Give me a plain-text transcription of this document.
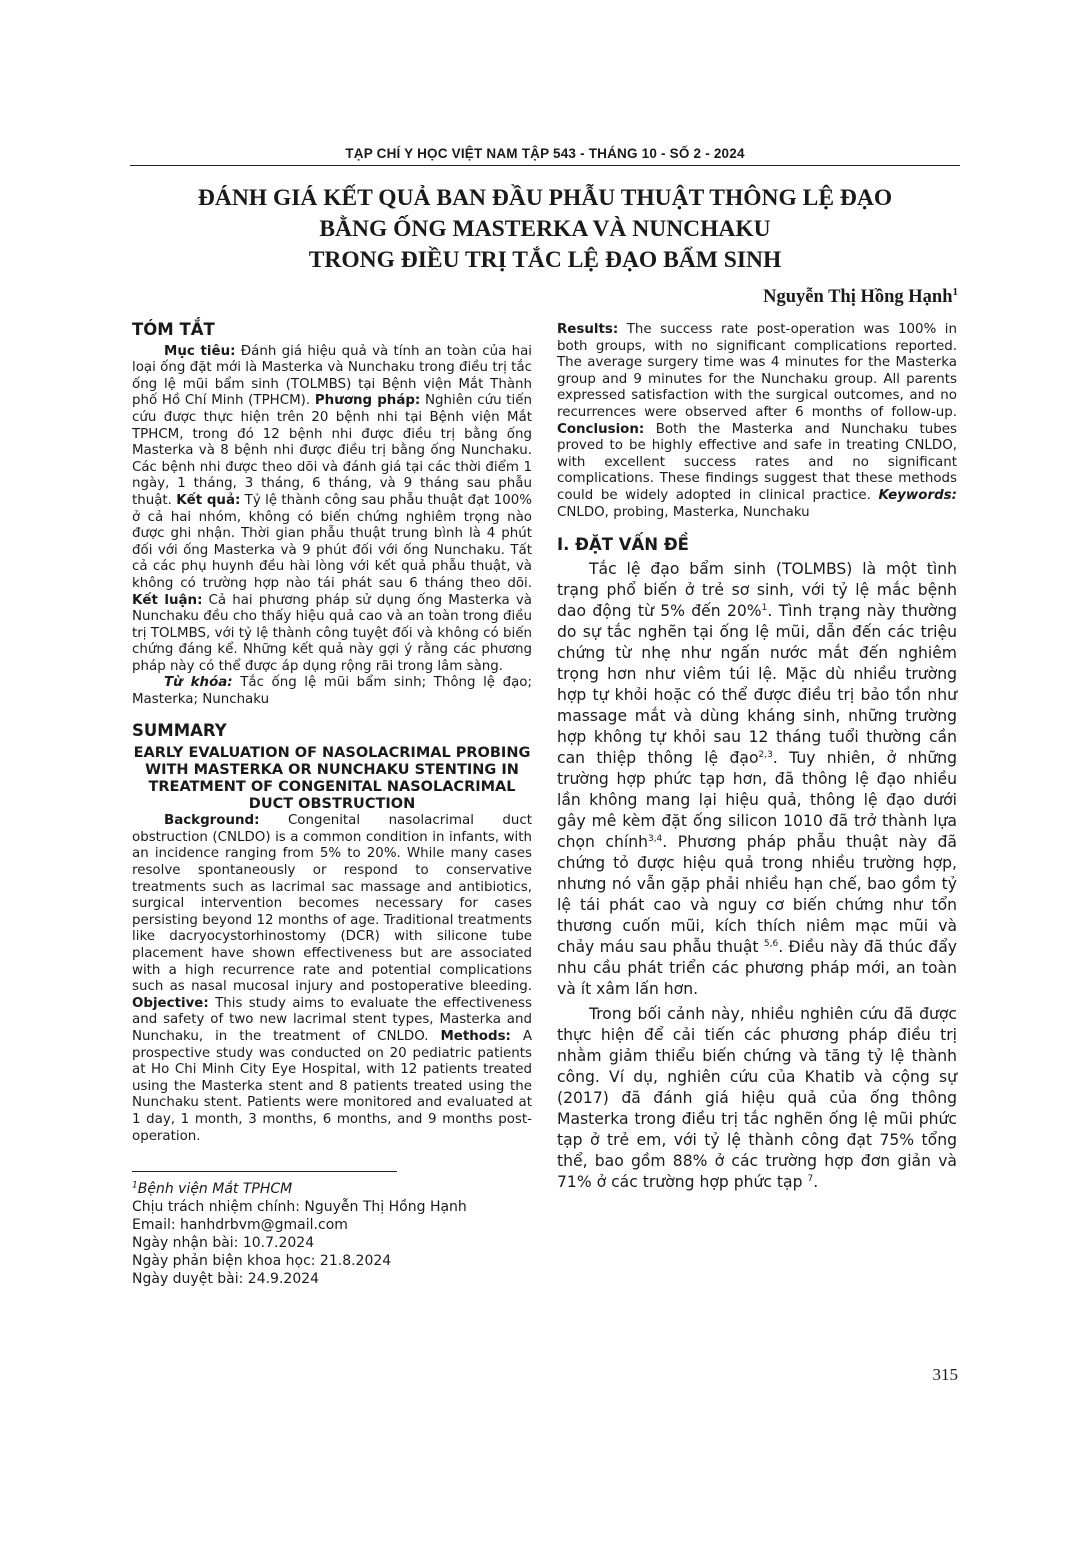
TẠP CHÍ Y HỌC VIỆT NAM TẬP 543 - THÁNG 10 - SỐ 2 - 2024
ĐÁNH GIÁ KẾT QUẢ BAN ĐẦU PHẪU THUẬT THÔNG LỆ ĐẠO
BẰNG ỐNG MASTERKA VÀ NUNCHAKU
TRONG ĐIỀU TRỊ TẮC LỆ ĐẠO BẨM SINH
Nguyễn Thị Hồng Hạnh$^1$
TÓM TẮT

Mục tiêu: Đánh giá hiệu quả và tính an toàn của hai loại ống đặt mới là Masterka và Nunchaku trong điều trị tắc ống lệ mũi bẩm sinh (TOLMBS) tại Bệnh viện Mắt Thành phố Hồ Chí Minh (TPHCM). Phương pháp: Nghiên cứu tiến cứu được thực hiện trên 20 bệnh nhi tại Bệnh viện Mắt TPHCM, trong đó 12 bệnh nhi được điều trị bằng ống Masterka và 8 bệnh nhi được điều trị bằng ống Nunchaku. Các bệnh nhi được theo dõi và đánh giá tại các thời điểm 1 ngày, 1 tháng, 3 tháng, 6 tháng, và 9 tháng sau phẫu thuật. Kết quả: Tỷ lệ thành công sau phẫu thuật đạt 100% ở cả hai nhóm, không có biến chứng nghiêm trọng nào được ghi nhận. Thời gian phẫu thuật trung bình là 4 phút đối với ống Masterka và 9 phút đối với ống Nunchaku. Tất cả các phụ huynh đều hài lòng với kết quả phẫu thuật, và không có trường hợp nào tái phát sau 6 tháng theo dõi. Kết luận: Cả hai phương pháp sử dụng ống Masterka và Nunchaku đều cho thấy hiệu quả cao và an toàn trong điều trị TOLMBS, với tỷ lệ thành công tuyệt đối và không có biến chứng đáng kể. Những kết quả này gợi ý rằng các phương pháp này có thể được áp dụng rộng rãi trong lâm sàng.

Từ khóa: Tắc ống lệ mũi bẩm sinh; Thông lệ đạo; Masterka; Nunchaku

SUMMARY
EARLY EVALUATION OF NASOLACRIMAL PROBING WITH MASTERKA OR NUNCHAKU STENTING IN TREATMENT OF CONGENITAL NASOLACRIMAL DUCT OBSTRUCTION

Background: Congenital nasolacrimal duct obstruction (CNLDO) is a common condition in infants, with an incidence ranging from 5% to 20%. While many cases resolve spontaneously or respond to conservative treatments such as lacrimal sac massage and antibiotics, surgical intervention becomes necessary for cases persisting beyond 12 months of age. Traditional treatments like dacryocystorhinostomy (DCR) with silicone tube placement have shown effectiveness but are associated with a high recurrence rate and potential complications such as nasal mucosal injury and postoperative bleeding. Objective: This study aims to evaluate the effectiveness and safety of two new lacrimal stent types, Masterka and Nunchaku, in the treatment of CNLDO. Methods: A prospective study was conducted on 20 pediatric patients at Ho Chi Minh City Eye Hospital, with 12 patients treated using the Masterka stent and 8 patients treated using the Nunchaku stent. Patients were monitored and evaluated at 1 day, 1 month, 3 months, 6 months, and 9 months post-operation.

$^1$Bệnh viện Mắt TPHCM

Chịu trách nhiệm chính: Nguyễn Thị Hồng Hạnh

Email: hanhdrbvm@gmail.com

Ngày nhận bài: 10.7.2024

Ngày phản biện khoa học: 21.8.2024

Ngày duyệt bài: 24.9.2024

Results: The success rate post-operation was 100% in both groups, with no significant complications reported. The average surgery time was 4 minutes for the Masterka group and 9 minutes for the Nunchaku group. All parents expressed satisfaction with the surgical outcomes, and no recurrences were observed after 6 months of follow-up. Conclusion: Both the Masterka and Nunchaku tubes proved to be highly effective and safe in treating CNLDO, with excellent success rates and no significant complications. These findings suggest that these methods could be widely adopted in clinical practice. Keywords: CNLDO, probing, Masterka, Nunchaku

I. ĐẶT VẤN ĐỀ

Tắc lệ đạo bẩm sinh (TOLMBS) là một tình trạng phổ biến ở trẻ sơ sinh, với tỷ lệ mắc bệnh dao động từ 5% đến 20%$^1$. Tình trạng này thường do sự tắc nghẽn tại ống lệ mũi, dẫn đến các triệu chứng từ nhẹ như ngấn nước mắt đến nghiêm trọng hơn như viêm túi lệ. Mặc dù nhiều trường hợp tự khỏi hoặc có thể được điều trị bảo tồn như massage mắt và dùng kháng sinh, những trường hợp không tự khỏi sau 12 tháng tuổi thường cần can thiệp thông lệ đạo$^{2,3}$. Tuy nhiên, ở những trường hợp phức tạp hơn, đã thông lệ đạo nhiều lần không mang lại hiệu quả, thông lệ đạo dưới gây mê kèm đặt ống silicon 1010 đã trở thành lựa chọn chính$^{3,4}$. Phương pháp phẫu thuật này đã chứng tỏ được hiệu quả trong nhiều trường hợp, nhưng nó vẫn gặp phải nhiều hạn chế, bao gồm tỷ lệ tái phát cao và nguy cơ biến chứng như tổn thương cuốn mũi, kích thích niêm mạc mũi và chảy máu sau phẫu thuật $^{5,6}$. Điều này đã thúc đẩy nhu cầu phát triển các phương pháp mới, an toàn và ít xâm lấn hơn.

Trong bối cảnh này, nhiều nghiên cứu đã được thực hiện để cải tiến các phương pháp điều trị nhằm giảm thiểu biến chứng và tăng tỷ lệ thành công. Ví dụ, nghiên cứu của Khatib và cộng sự (2017) đã đánh giá hiệu quả của ống thông Masterka trong điều trị tắc nghẽn ống lệ mũi phức tạp ở trẻ em, với tỷ lệ thành công đạt 75% tổng thể, bao gồm 88% ở các trường hợp đơn giản và 71% ở các trường hợp phức tạp $^7$.

315
